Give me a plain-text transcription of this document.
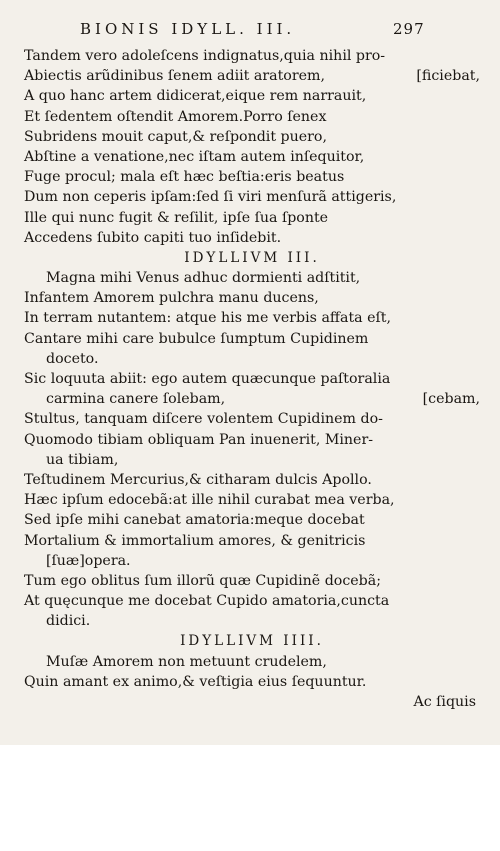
BIONIS IDYLL. III.	297
Tandem vero adoleſcens indignatus,quia nihil pro-
Abiectis arũdinibus ſenem adiit aratorem,	[ficiebat,
A quo hanc artem didicerat,eique rem narrauit,
Et ſedentem oſtendit Amorem.Porro ſenex
Subridens mouit caput,& reſpondit puero,
Abſtine a venatione,nec iſtam autem inſequitor,
Fuge procul; mala eſt hæc beſtia:eris beatus
Dum non ceperis ipſam:ſed ſi viri menſurã attigeris,
Ille qui nunc fugit & reſilit, ipſe ſua ſponte
Accedens ſubito capiti tuo inſidebit.
IDYLLIVM III.
Magna mihi Venus adhuc dormienti adſtitit,
Infantem Amorem pulchra manu ducens,
In terram nutantem: atque his me verbis affata eſt,
Cantare mihi care bubulce ſumptum Cupidinem
doceto.
Sic loquuta abiit: ego autem quæcunque paſtoralia
carmina canere ſolebam,	[cebam,
Stultus, tanquam diſcere volentem Cupidinem do-
Quomodo tibiam obliquam Pan inuenerit, Miner-
ua tibiam,
Teſtudinem Mercurius,& citharam dulcis Apollo.
Hæc ipſum edocebã:at ille nihil curabat mea verba,
Sed ipſe mihi canebat amatoria:meque docebat
Mortalium & immortalium amores, & genitricis
[ſuæ]opera.
Tum ego oblitus ſum illorũ quæ Cupidinẽ docebã;
At quęcunque me docebat Cupido amatoria,cuncta
didici.
IDYLLIVM IIII.
Muſæ Amorem non metuunt crudelem,
Quin amant ex animo,& veſtigia eius ſequuntur.
Ac ſiquis
